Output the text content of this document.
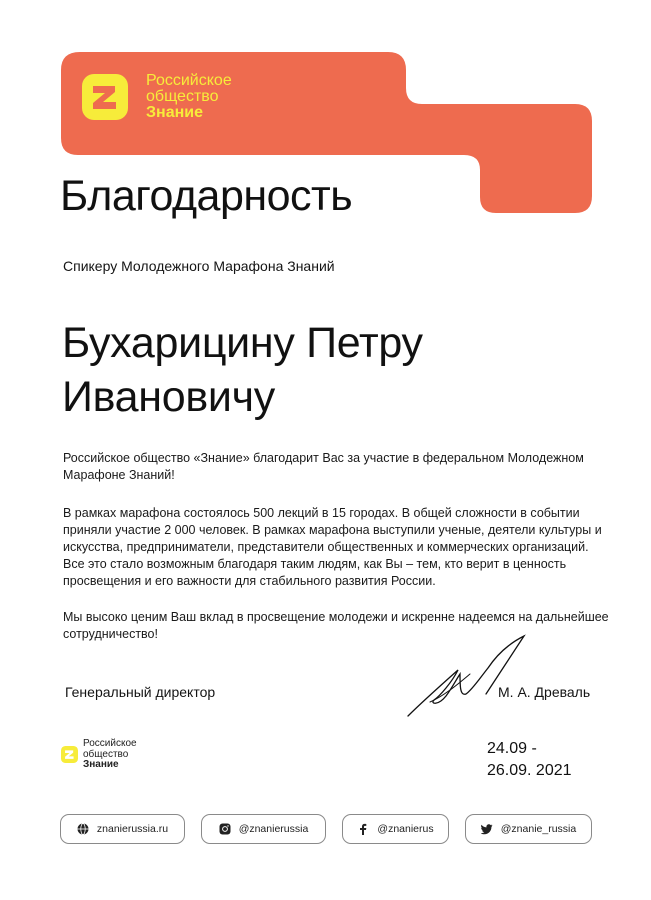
Российское
общество
Знание
Благодарность
Спикеру Молодежного Марафона Знаний
Бухарицину Петру Ивановичу
Российское общество «Знание» благодарит Вас за участие в федеральном Молодежном Марафоне Знаний!
В рамках марафона состоялось 500 лекций в 15 городах. В общей сложности в событии приняли участие 2 000 человек. В рамках марафона выступили ученые, деятели культуры и искусства, предприниматели, представители общественных и коммерческих организаций. Все это стало возможным благодаря таким людям, как Вы – тем, кто верит в ценность просвещения и его важности для стабильного развития России.
Мы высоко ценим Ваш вклад в просвещение молодежи и искренне надеемся на дальнейшее сотрудничество!
Генеральный директор	М. А. Древаль
Российское
общество
Знание
24.09 -
26.09. 2021
znanierussia.ru	@znanierussia	@znanierus	@znanie_russia
